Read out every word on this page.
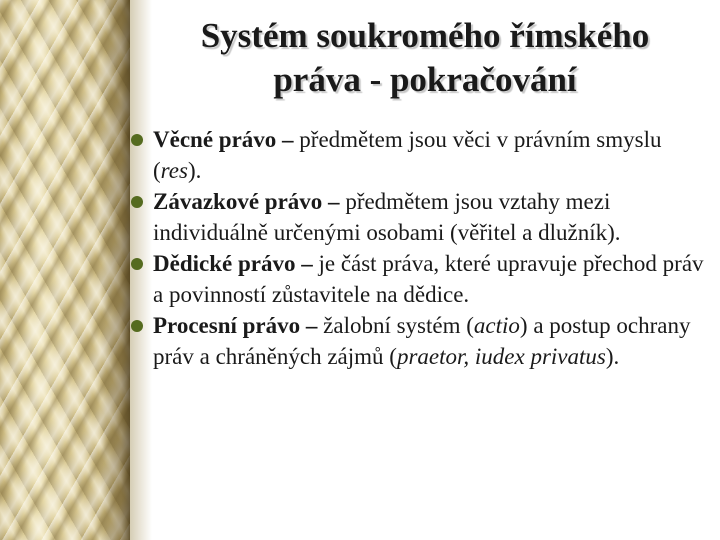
Systém soukromého římského
práva - pokračování

Věcné právo – předmětem jsou věci v právním smyslu (res).

Závazkové právo – předmětem jsou vztahy mezi individuálně určenými osobami (věřitel a dlužník).

Dědické právo – je část práva, které upravuje přechod práv a povinností zůstavitele na dědice.

Procesní právo – žalobní systém (actio) a postup ochrany práv a chráněných zájmů (praetor, iudex privatus).
